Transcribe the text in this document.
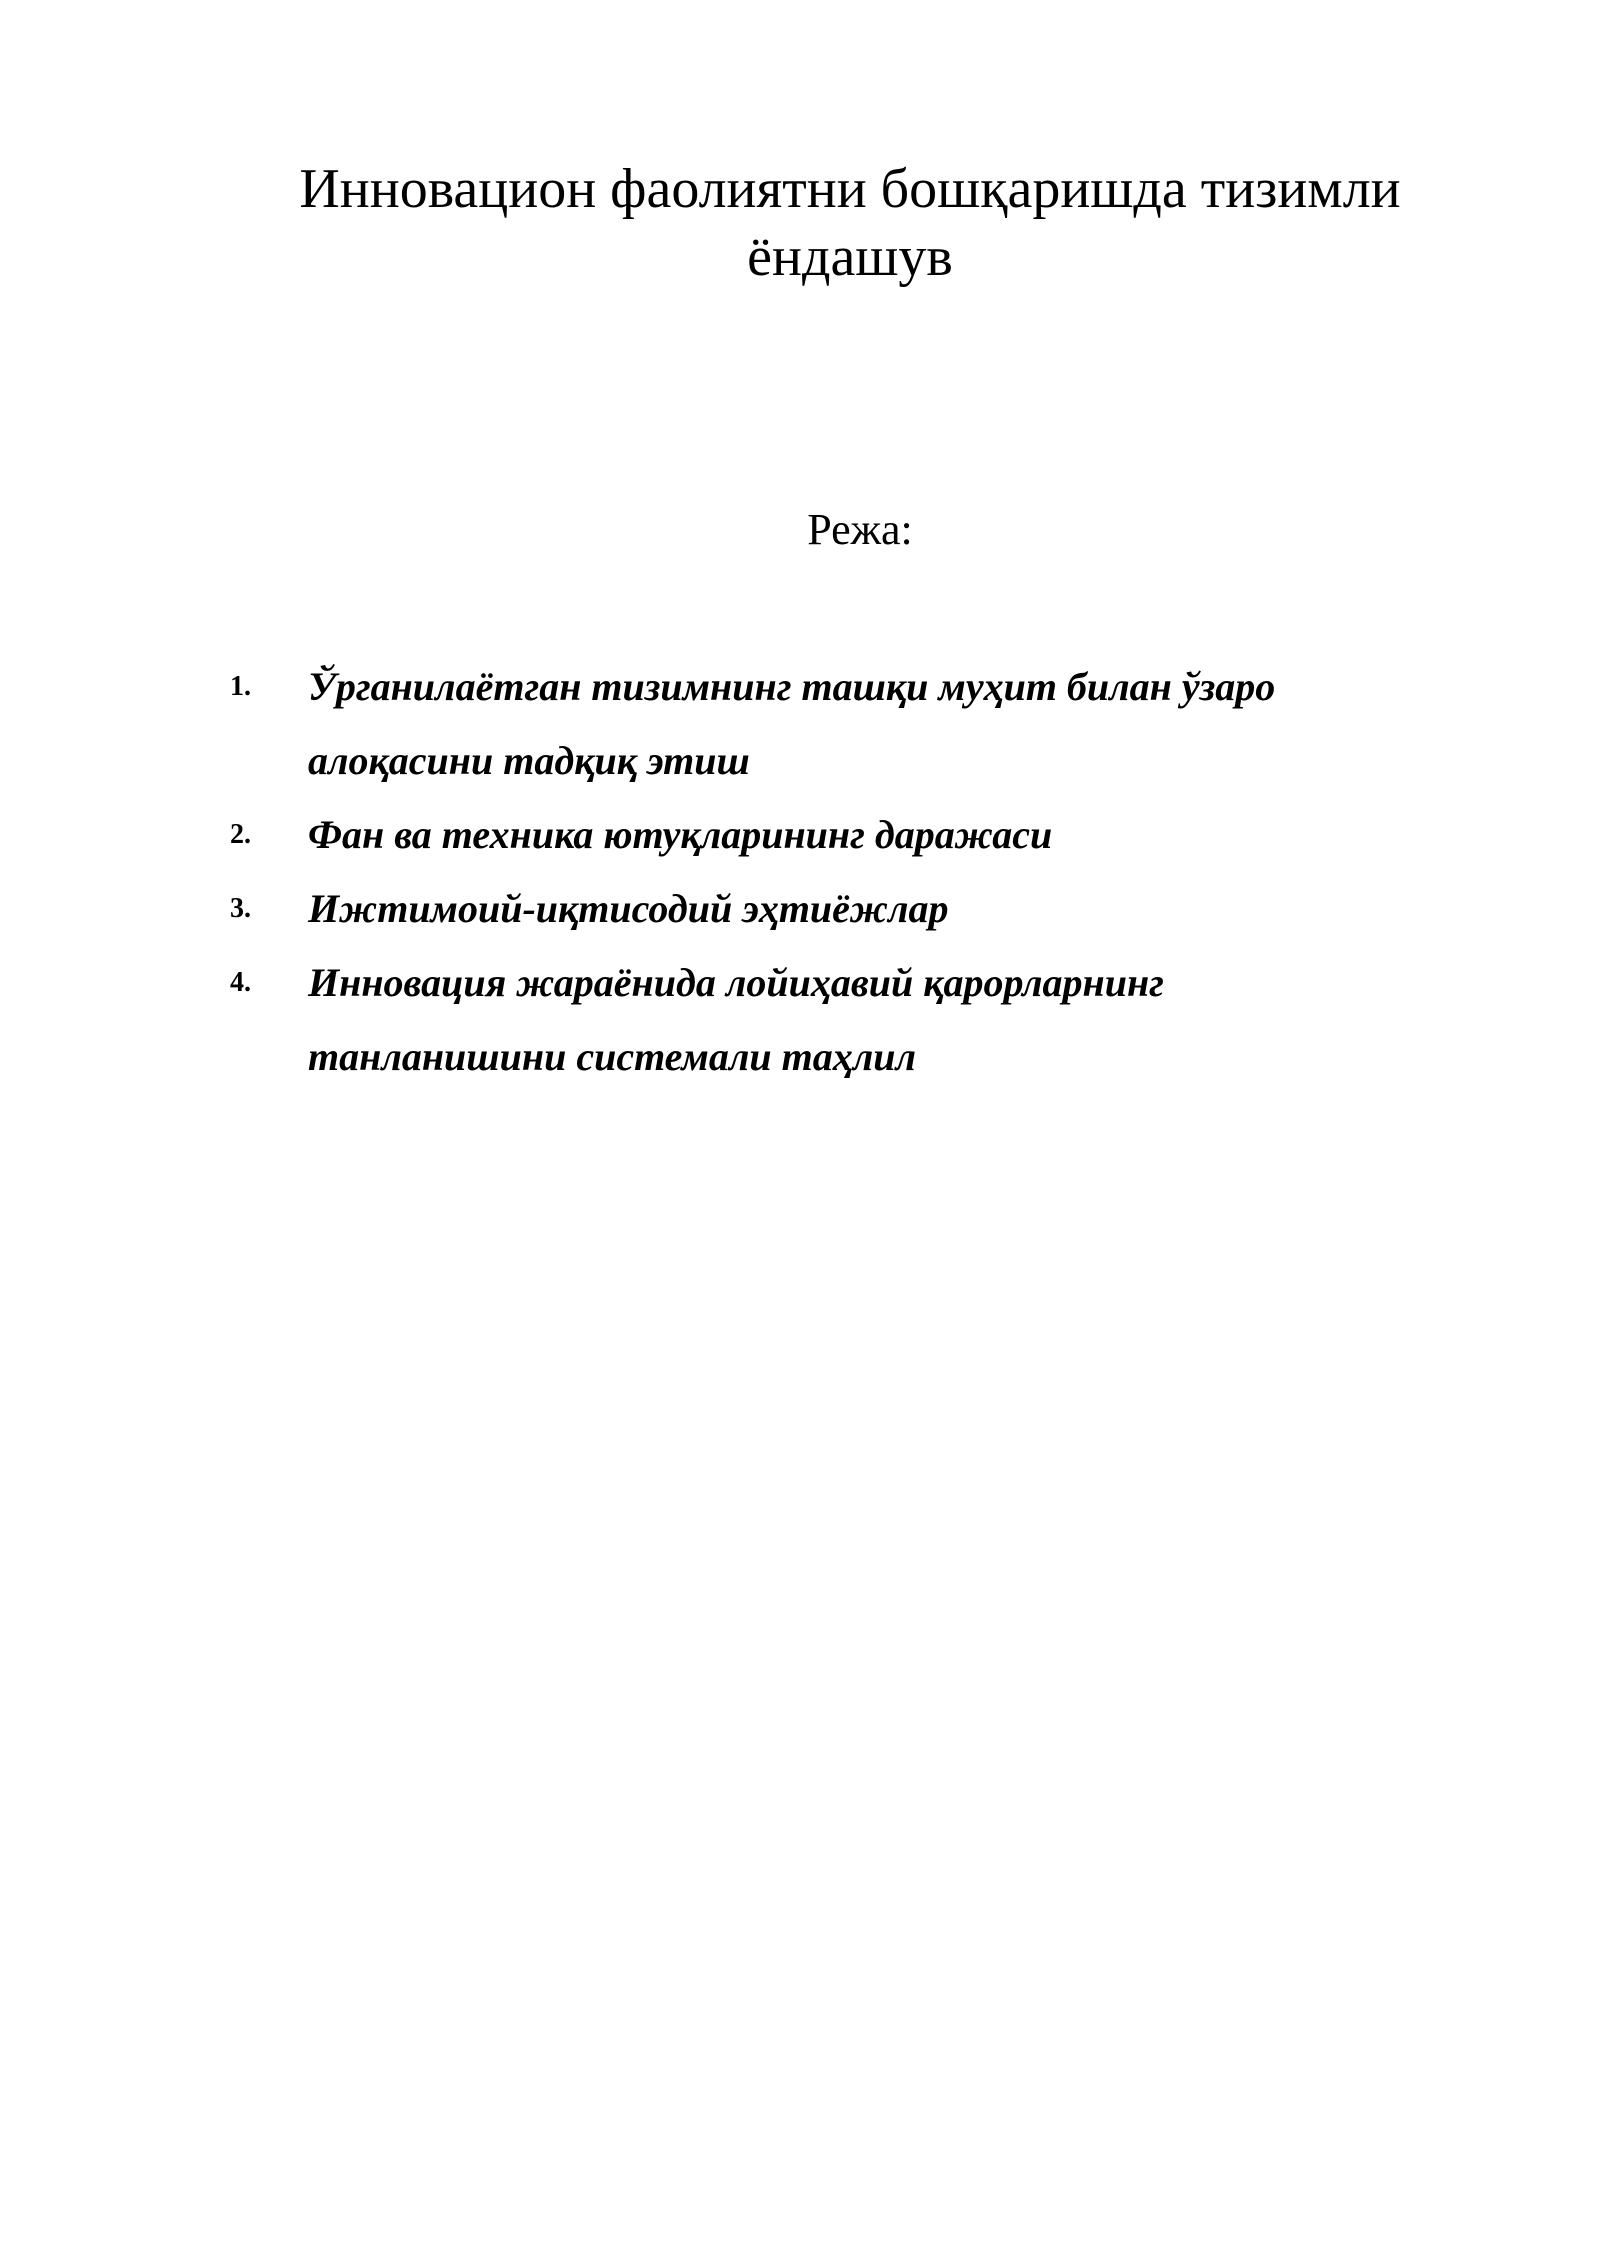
Инновацион фаолиятни бошқаришда тизимли
ёндашув
Режа:
1. Ўрганилаётган тизимнинг ташқи муҳит билан ўзаро
алоқасини тадқиқ этиш
2. Фан ва техника ютуқларининг даражаси
3. Ижтимоий-иқтисодий эҳтиёжлар
4. Инновация жараёнида лойиҳавий қарорларнинг
танланишини системали таҳлил
